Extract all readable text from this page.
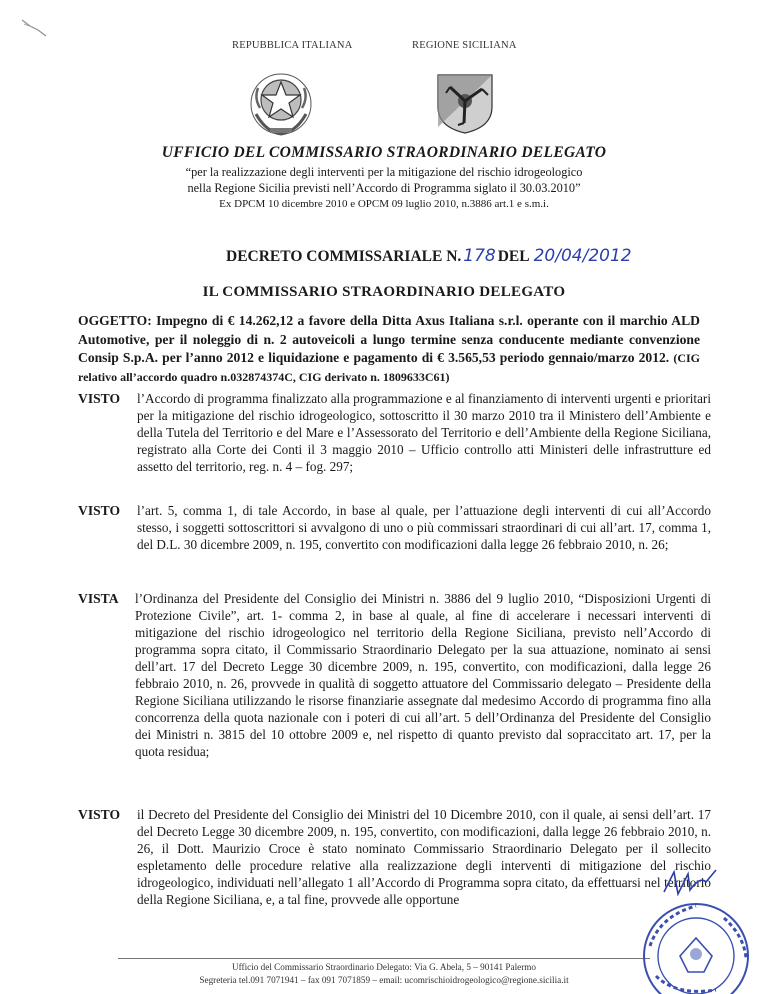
REPUBBLICA ITALIANA	REGIONE SICILIANA
UFFICIO DEL COMMISSARIO STRAORDINARIO DELEGATO
“per la realizzazione degli interventi per la mitigazione del rischio idrogeologico
nella Regione Sicilia previsti nell’Accordo di Programma siglato il 30.03.2010”
Ex DPCM 10 dicembre 2010 e OPCM 09 luglio 2010, n.3886 art.1 e s.m.i.
DECRETO COMMISSARIALE N. 178 DEL 20/04/2012
IL COMMISSARIO STRAORDINARIO DELEGATO
OGGETTO: Impegno di € 14.262,12 a favore della Ditta Axus Italiana s.r.l. operante con il marchio ALD Automotive, per il noleggio di n. 2 autoveicoli a lungo termine senza conducente mediante convenzione Consip S.p.A. per l’anno 2012 e liquidazione e pagamento di € 3.565,53 periodo gennaio/marzo 2012. (CIG relativo all’accordo quadro n.032874374C, CIG derivato n. 1809633C61)
VISTO l’Accordo di programma finalizzato alla programmazione e al finanziamento di interventi urgenti e prioritari per la mitigazione del rischio idrogeologico, sottoscritto il 30 marzo 2010 tra il Ministero dell’Ambiente e della Tutela del Territorio e del Mare e l’Assessorato del Territorio e dell’Ambiente della Regione Siciliana, registrato alla Corte dei Conti il 3 maggio 2010 – Ufficio controllo atti Ministeri delle infrastrutture ed assetto del territorio, reg. n. 4 – fog. 297;
VISTO l’art. 5, comma 1, di tale Accordo, in base al quale, per l’attuazione degli interventi di cui all’Accordo stesso, i soggetti sottoscrittori si avvalgono di uno o più commissari straordinari di cui all’art. 17, comma 1, del D.L. 30 dicembre 2009, n. 195, convertito con modificazioni dalla legge 26 febbraio 2010, n. 26;
VISTA l’Ordinanza del Presidente del Consiglio dei Ministri n. 3886 del 9 luglio 2010, “Disposizioni Urgenti di Protezione Civile”, art. 1- comma 2, in base al quale, al fine di accelerare i necessari interventi di mitigazione del rischio idrogeologico nel territorio della Regione Siciliana, previsto nell’Accordo di programma sopra citato, il Commissario Straordinario Delegato per la sua attuazione, nominato ai sensi dell’art. 17 del Decreto Legge 30 dicembre 2009, n. 195, convertito, con modificazioni, dalla legge 26 febbraio 2010, n. 26, provvede in qualità di soggetto attuatore del Commissario delegato – Presidente della Regione Siciliana utilizzando le risorse finanziarie assegnate dal medesimo Accordo di programma fino alla concorrenza della quota nazionale con i poteri di cui all’art. 5 dell’Ordinanza del Presidente del Consiglio dei Ministri n. 3815 del 10 ottobre 2009 e, nel rispetto di quanto previsto dal sopraccitato art. 17, per la quota residua;
VISTO il Decreto del Presidente del Consiglio dei Ministri del 10 Dicembre 2010, con il quale, ai sensi dell’art. 17 del Decreto Legge 30 dicembre 2009, n. 195, convertito, con modificazioni, dalla legge 26 febbraio 2010, n. 26, il Dott. Maurizio Croce è stato nominato Commissario Straordinario Delegato per il sollecito espletamento delle procedure relative alla realizzazione degli interventi di mitigazione del rischio idrogeologico, individuati nell’allegato 1 all’Accordo di Programma sopra citato, da effettuarsi nel territorio della Regione Siciliana, e, a tal fine, provvede alle opportune
Ufficio del Commissario Straordinario Delegato: Via G. Abela, 5 – 90141 Palermo
Segreteria tel.091 7071941 – fax 091 7071859 – email: ucomrischioidrogeologico@regione.sicilia.it
